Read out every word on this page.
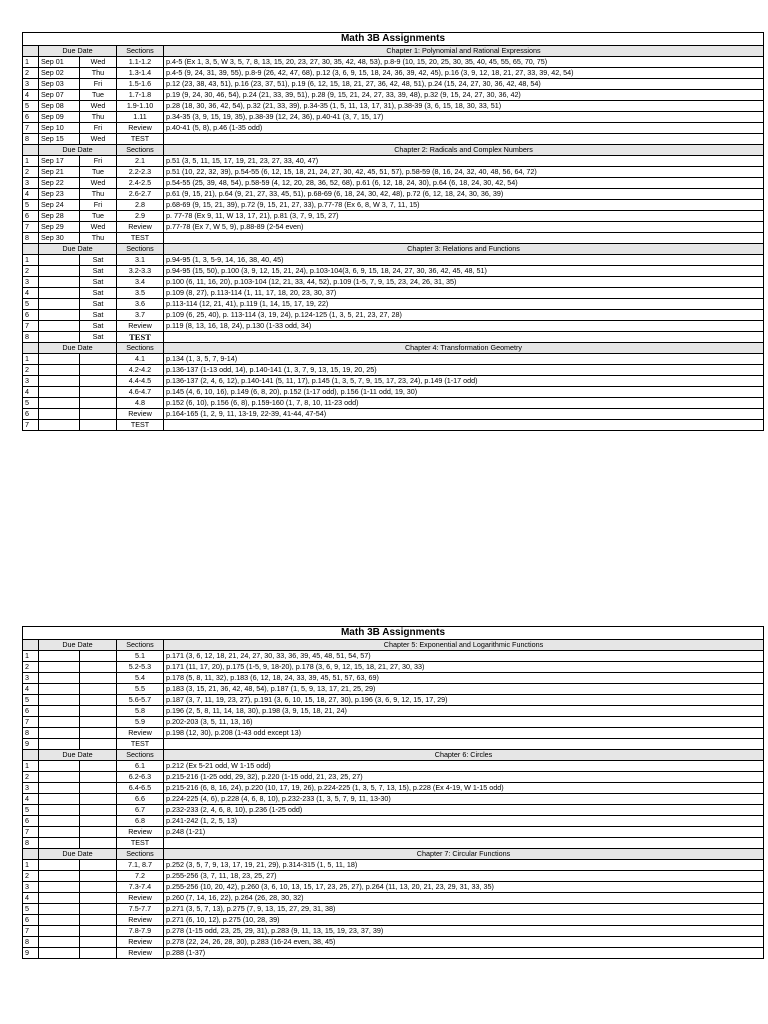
Math 3B Assignments				
	Due Date		Sections	Chapter 1: Polynomial and Rational Expressions
1	Sep 01	Wed	1.1-1.2	p.4-5 (Ex 1, 3, 5, W 3, 5, 7, 8, 13, 15, 20, 23, 27, 30, 35, 42, 48, 53), p.8-9 (10, 15, 20, 25, 30, 35, 40, 45, 55, 65, 70, 75)
2	Sep 02	Thu	1.3-1.4	p.4-5 (9, 24, 31, 39, 55), p.8-9 (26, 42, 47, 68), p.12 (3, 6, 9, 15, 18, 24, 36, 39, 42, 45), p.16 (3, 9, 12, 18, 21, 27, 33, 39, 42, 54)
3	Sep 03	Fri	1.5-1.6	p.12 (23, 38, 43, 51), p.16 (23, 37, 51), p.19 (6, 12, 15, 18, 21, 27, 36, 42, 48, 51), p.24 (15, 24, 27, 30, 36, 42, 48, 54)
4	Sep 07	Tue	1.7-1.8	p.19 (9, 24, 30, 46, 54), p.24 (21, 33, 39, 51), p.28 (9, 15, 21, 24, 27, 33, 39, 48), p.32 (9, 15, 24, 27, 30, 36, 42)
5	Sep 08	Wed	1.9-1.10	p.28 (18, 30, 36, 42, 54), p.32 (21, 33, 39), p.34-35 (1, 5, 11, 13, 17, 31), p.38-39 (3, 6, 15, 18, 30, 33, 51)
6	Sep 09	Thu	1.11	p.34-35 (3, 9, 15, 19, 35), p.38-39 (12, 24, 36), p.40-41 (3, 7, 15, 17)
7	Sep 10	Fri	Review	p.40-41 (5, 8), p.46 (1-35 odd)
8	Sep 15	Wed	TEST	
	Due Date		Sections	Chapter 2: Radicals and Complex Numbers
1	Sep 17	Fri	2.1	p.51 (3, 5, 11, 15, 17, 19, 21, 23, 27, 33, 40, 47)
2	Sep 21	Tue	2.2-2.3	p.51 (10, 22, 32, 39), p.54-55 (6, 12, 15, 18, 21, 24, 27, 30, 42, 45, 51, 57), p.58-59 (8, 16, 24, 32, 40, 48, 56, 64, 72)
3	Sep 22	Wed	2.4-2.5	p.54-55 (25, 39, 48, 54), p.58-59 (4, 12, 20, 28, 36, 52, 68), p.61 (6, 12, 18, 24, 30), p.64 (6, 18, 24, 30, 42, 54)
4	Sep 23	Thu	2.6-2.7	p.61 (9, 15, 21), p.64 (9, 21, 27, 33, 45, 51), p.68-69 (6, 18, 24, 30, 42, 48), p.72 (6, 12, 18, 24, 30, 36, 39)
5	Sep 24	Fri	2.8	p.68-69 (9, 15, 21, 39), p.72 (9, 15, 21, 27, 33), p.77-78 (Ex 6, 8, W 3, 7, 11, 15)
6	Sep 28	Tue	2.9	p. 77-78 (Ex 9, 11, W 13, 17, 21), p.81 (3, 7, 9, 15, 27)
7	Sep 29	Wed	Review	p.77-78 (Ex 7, W 5, 9), p.88-89 (2-54 even)
8	Sep 30	Thu	TEST	
	Due Date		Sections	Chapter 3: Relations and Functions
1		Sat	3.1	p.94-95 (1, 3, 5-9, 14, 16, 38, 40, 45)
2		Sat	3.2-3.3	p.94-95 (15, 50), p.100 (3, 9, 12, 15, 21, 24), p.103-104(3, 6, 9, 15, 18, 24, 27, 30, 36, 42, 45, 48, 51)
3		Sat	3.4	p.100 (6, 11, 16, 20), p.103-104 (12, 21, 33, 44, 52), p.109 (1-5, 7, 9, 15, 23, 24, 26, 31, 35)
4		Sat	3.5	p.109 (8, 27), p.113-114 (1, 11, 17, 18, 20, 23, 30, 37)
5		Sat	3.6	p.113-114 (12, 21, 41), p.119 (1, 14, 15, 17, 19, 22)
6		Sat	3.7	p.109 (6, 25, 40), p. 113-114 (3, 19, 24), p.124-125 (1, 3, 5, 21, 23, 27, 28)
7		Sat	Review	p.119 (8, 13, 16, 18, 24), p.130 (1-33 odd, 34)
8		Sat	TEST	
	Due Date		Sections	Chapter 4: Transformation Geometry
1			4.1	p.134 (1, 3, 5, 7, 9-14)
2			4.2-4.2	p.136-137 (1-13 odd, 14), p.140-141 (1, 3, 7, 9, 13, 15, 19, 20, 25)
3			4.4-4.5	p.136-137 (2, 4, 6, 12), p.140-141 (5, 11, 17), p.145 (1, 3, 5, 7, 9, 15, 17, 23, 24), p.149 (1-17 odd)
4			4.6-4.7	p.145 (4, 6, 10, 16), p.149 (6, 8, 20), p.152 (1-17 odd), p.156 (1-11 odd, 19, 30)
5			4.8	p.152 (6, 10), p.156 (6, 8), p.159-160 (1, 7, 8, 10, 11-23 odd)
6			Review	p.164-165 (1, 2, 9, 11, 13-19, 22-39, 41-44, 47-54)
7			TEST	
Math 3B Assignments				
	Due Date		Sections	Chapter 5: Exponential and Logarithmic Functions
1			5.1	p.171 (3, 6, 12, 18, 21, 24, 27, 30, 33, 36, 39, 45, 48, 51, 54, 57)
2			5.2-5.3	p.171 (11, 17, 20), p.175 (1-5, 9, 18-20), p.178 (3, 6, 9, 12, 15, 18, 21, 27, 30, 33)
3			5.4	p.178 (5, 8, 11, 32), p.183 (6, 12, 18, 24, 33, 39, 45, 51, 57, 63, 69)
4			5.5	p.183 (3, 15, 21, 36, 42, 48, 54), p.187 (1, 5, 9, 13, 17, 21, 25, 29)
5			5.6-5.7	p.187 (3, 7, 11, 19, 23, 27), p.191 (3, 6, 10, 15, 18, 27, 30), p.196 (3, 6, 9, 12, 15, 17, 29)
6			5.8	p.196 (2, 5, 8, 11, 14, 18, 30), p.198 (3, 9, 15, 18, 21, 24)
7			5.9	p.202-203 (3, 5, 11, 13, 16)
8			Review	p.198 (12, 30), p.208 (1-43 odd except 13)
9			TEST	
	Due Date		Sections	Chapter 6: Circles
1			6.1	p.212 (Ex 5-21 odd, W 1-15 odd)
2			6.2-6.3	p.215-216 (1-25 odd, 29, 32), p.220 (1-15 odd, 21, 23, 25, 27)
3			6.4-6.5	p.215-216 (6, 8, 16, 24), p.220 (10, 17, 19, 26), p.224-225 (1, 3, 5, 7, 13, 15), p.228 (Ex 4-19, W 1-15 odd)
4			6.6	p.224-225 (4, 6), p.228 (4, 6, 8, 10), p.232-233 (1, 3, 5, 7, 9, 11, 13-30)
5			6.7	p.232-233 (2, 4, 6, 8, 10), p.236 (1-25 odd)
6			6.8	p.241-242 (1, 2, 5, 13)
7			Review	p.248 (1-21)
8			TEST	
	Due Date		Sections	Chapter 7: Circular Functions
1			7.1, 8.7	p.252 (3, 5, 7, 9, 13, 17, 19, 21, 29), p.314-315 (1, 5, 11, 18)
2			7.2	p.255-256 (3, 7, 11, 18, 23, 25, 27)
3			7.3-7.4	p.255-256 (10, 20, 42), p.260 (3, 6, 10, 13, 15, 17, 23, 25, 27), p.264 (11, 13, 20, 21, 23, 29, 31, 33, 35)
4			Review	p.260 (7, 14, 16, 22), p.264 (26, 28, 30, 32)
5			7.5-7.7	p.271 (3, 5, 7, 13), p.275 (7, 9, 13, 15, 27, 29, 31, 38)
6			Review	p.271 (6, 10, 12), p.275 (10, 28, 39)
7			7.8-7.9	p.278 (1-15 odd, 23, 25, 29, 31), p.283 (9, 11, 13, 15, 19, 23, 37, 39)
8			Review	p.278 (22, 24, 26, 28, 30), p.283 (16-24 even, 38, 45)
9			Review	p.288 (1-37)
